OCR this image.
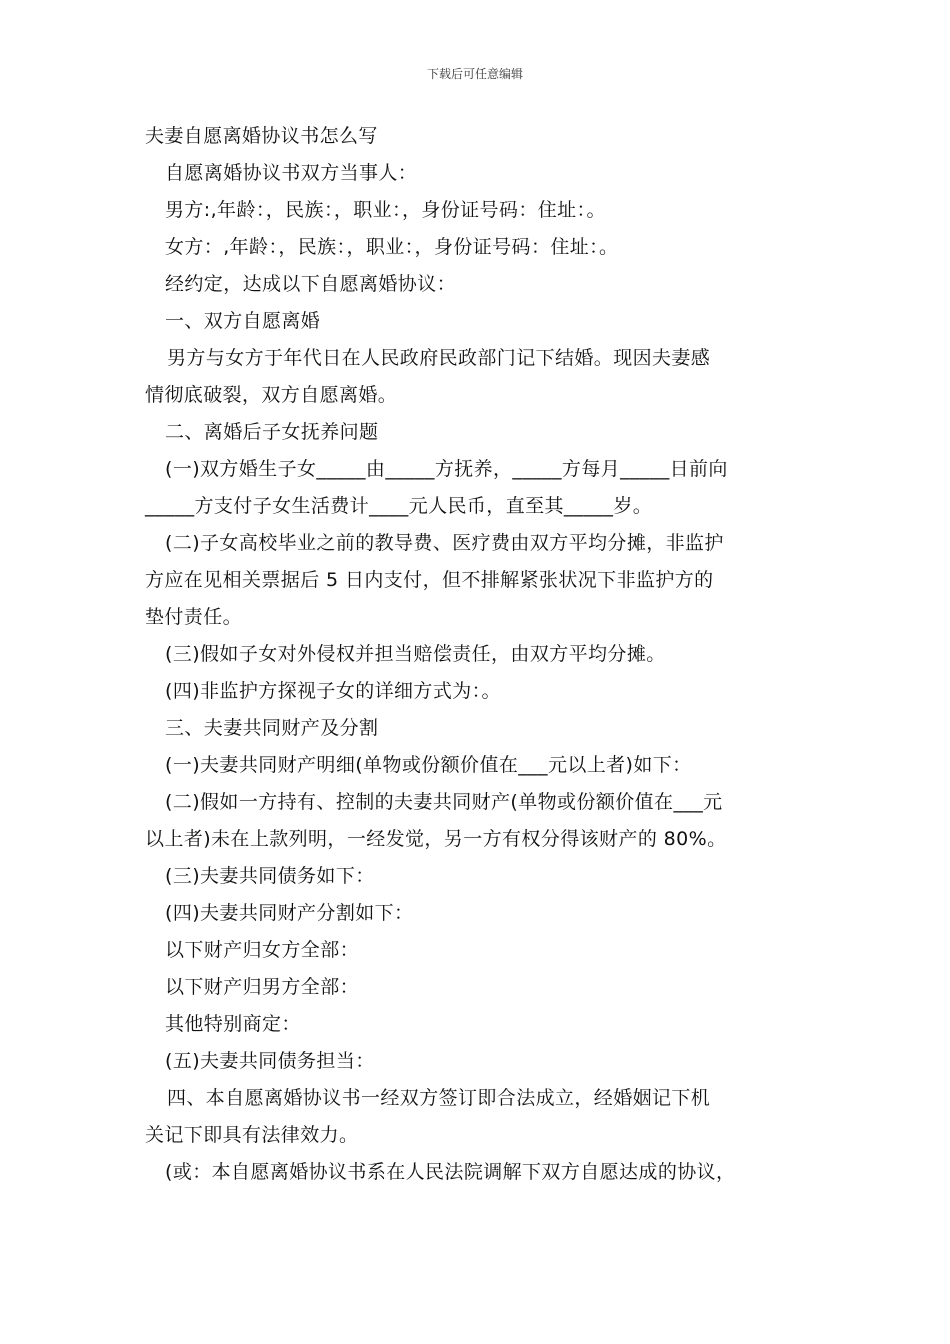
下载后可任意编辑
夫妻自愿离婚协议书怎么写
自愿离婚协议书双方当事人：
男方:,年龄：，民族：，职业：，身份证号码：住址：。
女方：,年龄：，民族：，职业：，身份证号码：住址：。
经约定，达成以下自愿离婚协议：
一、双方自愿离婚
男方与女方于年代日在人民政府民政部门记下结婚。现因夫妻感
情彻底破裂，双方自愿离婚。
二、离婚后子女抚养问题
(一)双方婚生子女_____由_____方抚养，_____方每月_____日前向
_____方支付子女生活费计____元人民币，直至其_____岁。
(二)子女高校毕业之前的教导费、医疗费由双方平均分摊，非监护
方应在见相关票据后 5 日内支付，但不排解紧张状况下非监护方的
垫付责任。
(三)假如子女对外侵权并担当赔偿责任，由双方平均分摊。
(四)非监护方探视子女的详细方式为：。
三、夫妻共同财产及分割
(一)夫妻共同财产明细(单物或份额价值在___元以上者)如下：
(二)假如一方持有、控制的夫妻共同财产(单物或份额价值在___元
以上者)未在上款列明，一经发觉，另一方有权分得该财产的 80%。
(三)夫妻共同债务如下：
(四)夫妻共同财产分割如下：
以下财产归女方全部：
以下财产归男方全部：
其他特别商定：
(五)夫妻共同债务担当：
四、本自愿离婚协议书一经双方签订即合法成立，经婚姻记下机
关记下即具有法律效力。
(或：本自愿离婚协议书系在人民法院调解下双方自愿达成的协议，
